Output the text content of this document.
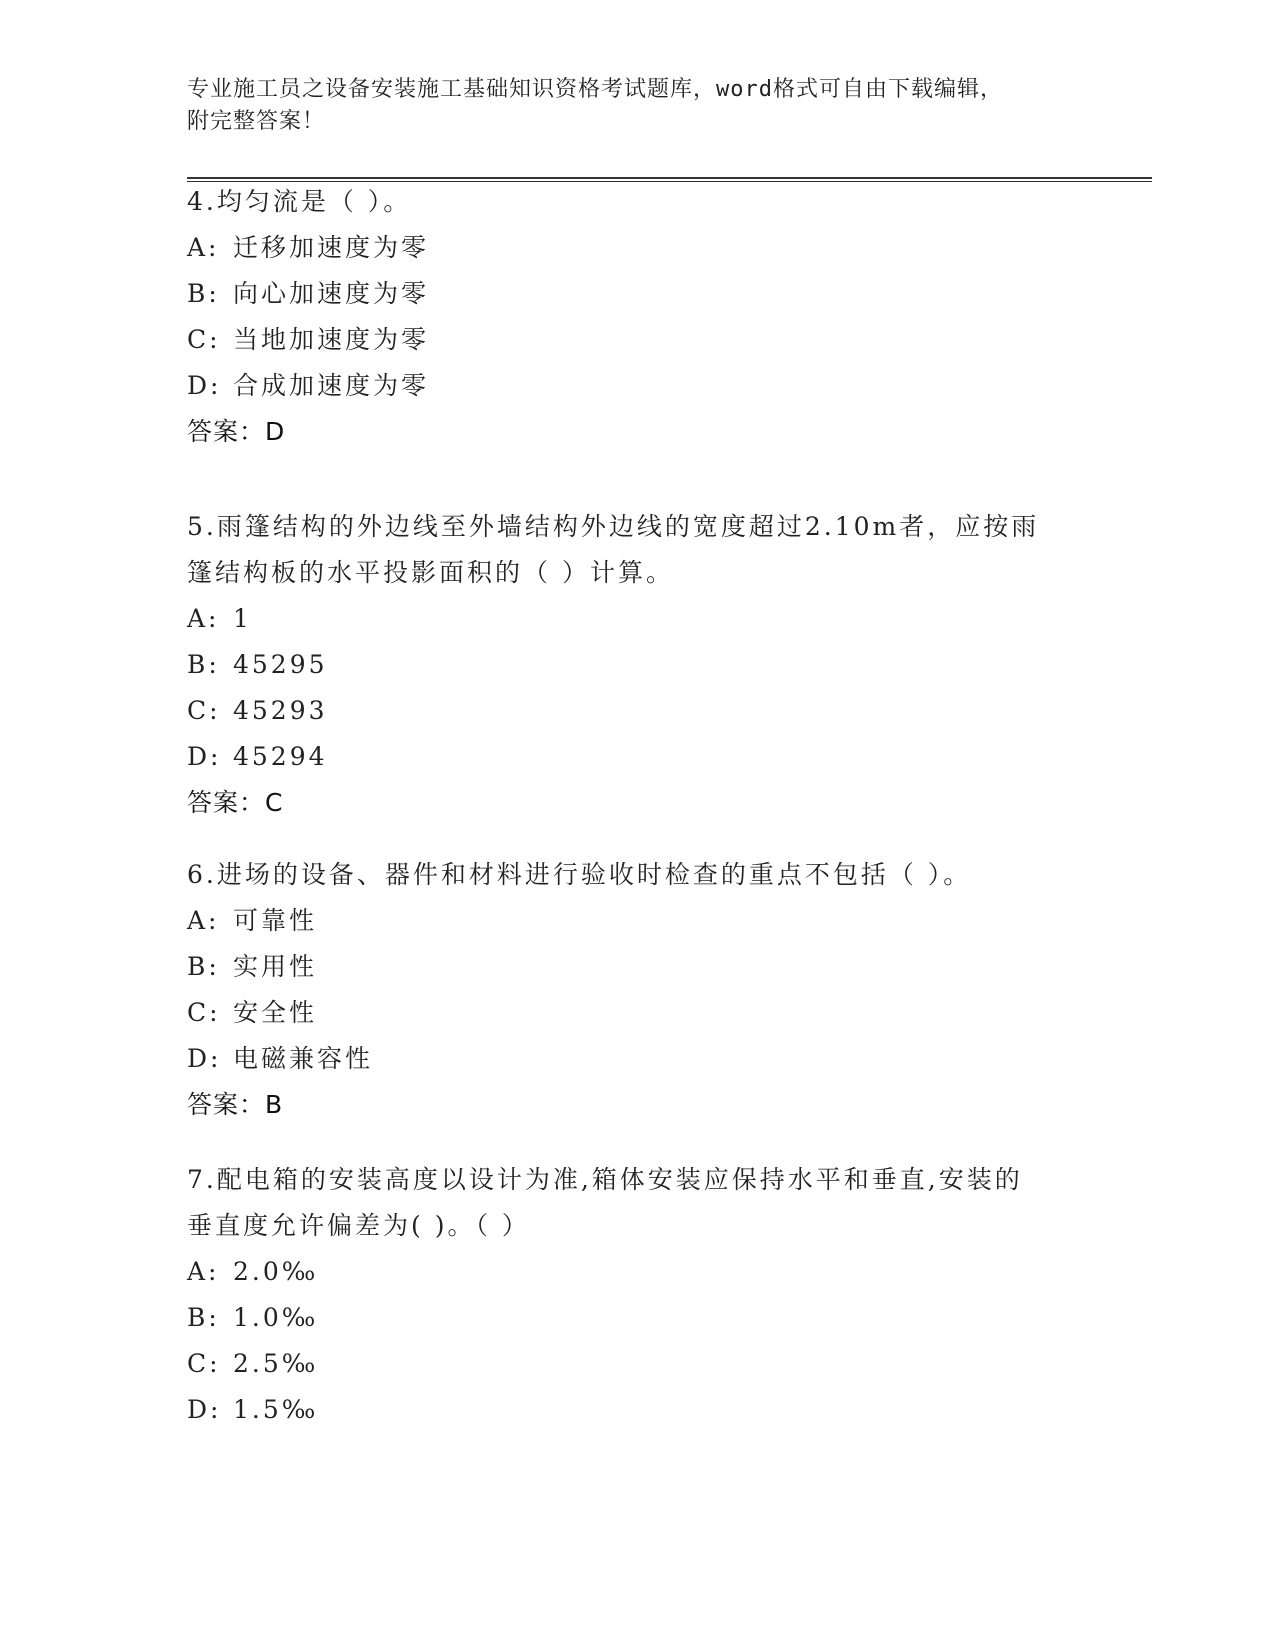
专业施工员之设备安装施工基础知识资格考试题库，word格式可自由下载编辑，
附完整答案！
4.均匀流是（ ）。
A: 迁移加速度为零
B: 向心加速度为零
C: 当地加速度为零
D: 合成加速度为零
答案：D
5.雨篷结构的外边线至外墙结构外边线的宽度超过2.10m者，应按雨
篷结构板的水平投影面积的（ ）计算。
A: 1
B: 45295
C: 45293
D: 45294
答案：C
6.进场的设备、器件和材料进行验收时检查的重点不包括（ ）。
A: 可靠性
B: 实用性
C: 安全性
D: 电磁兼容性
答案：B
7.配电箱的安装高度以设计为准,箱体安装应保持水平和垂直,安装的
垂直度允许偏差为( )。（ ）
A: 2.0‰
B: 1.0‰
C: 2.5‰
D: 1.5‰
